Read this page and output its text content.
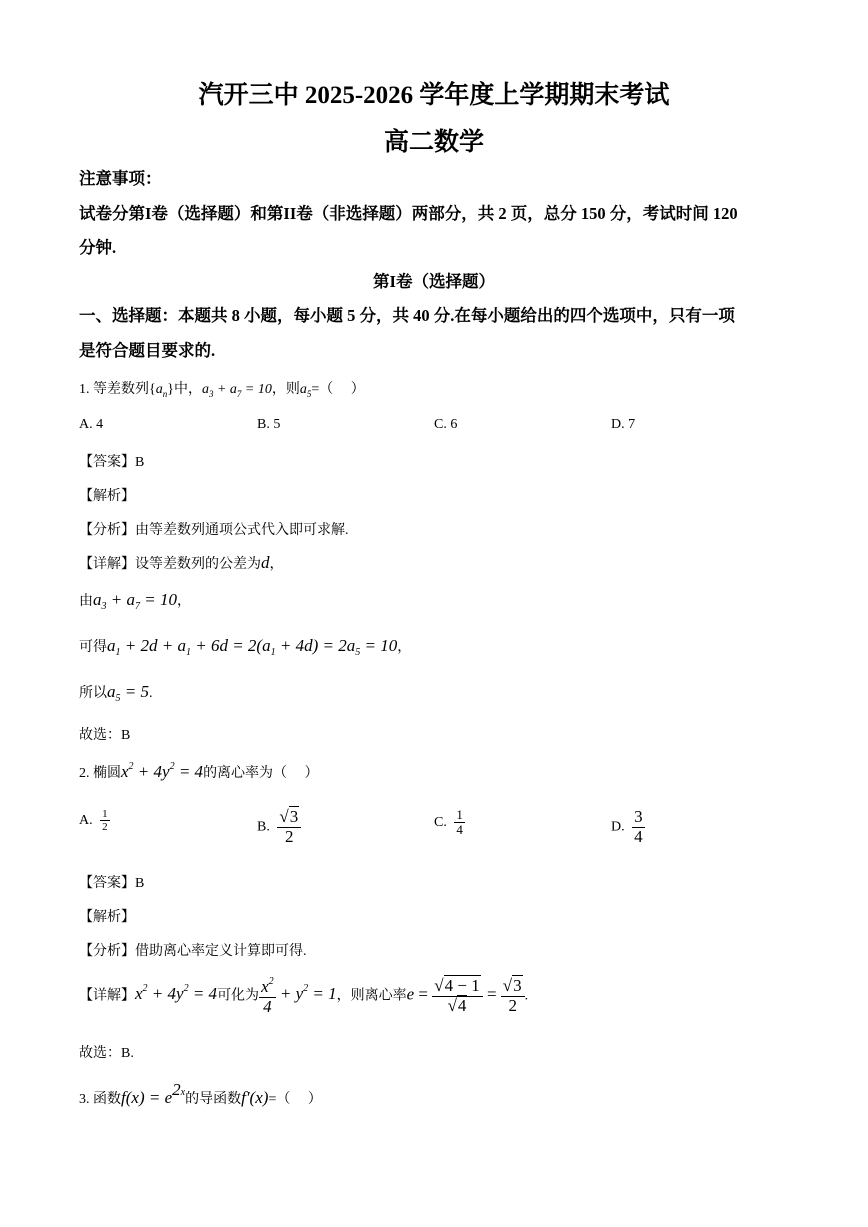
汽开三中 2025-2026 学年度上学期期末考试
高二数学
注意事项：
试卷分第I卷（选择题）和第II卷（非选择题）两部分，共 2 页，总分 150 分，考试时间 120
分钟.
第I卷（选择题）
一、选择题：本题共 8 小题，每小题 5 分，共 40 分.在每小题给出的四个选项中，只有一项
是符合题目要求的.
1. 等差数列$\{a_n\}$中，$a_3 + a_7 = 10$，则$a_5=$（　 ）
A. 4	B. 5	C. 6	D. 7
【答案】B
【解析】
【分析】由等差数列通项公式代入即可求解.
【详解】设等差数列的公差为d，
由$a_3 + a_7 = 10$，
可得$a_1 + 2d + a_1 + 6d = 2(a_1 + 4d) = 2a_5 = 10$，
所以$a_5 = 5$.
故选：B
2. 椭圆$x^2 + 4y^2 = 4$的离心率为（　 ）
A. $\frac{1}{2}$	B. $\frac{√3}{2}$	C. $\frac{1}{4}$	D. $\frac{3}{4}$
【答案】B
【解析】
【分析】借助离心率定义计算即可得.
【详解】$x^2 + 4y^2 = 4$可化为 $\frac{x^2}{4} + y^2 = 1$，则离心率$e = \frac{√4 - 1}{√4} = \frac{√3}{2}$ .
故选：B.
3. 函数$f(x) = e^{2x}$的导函数f′(x)=（　 ）
